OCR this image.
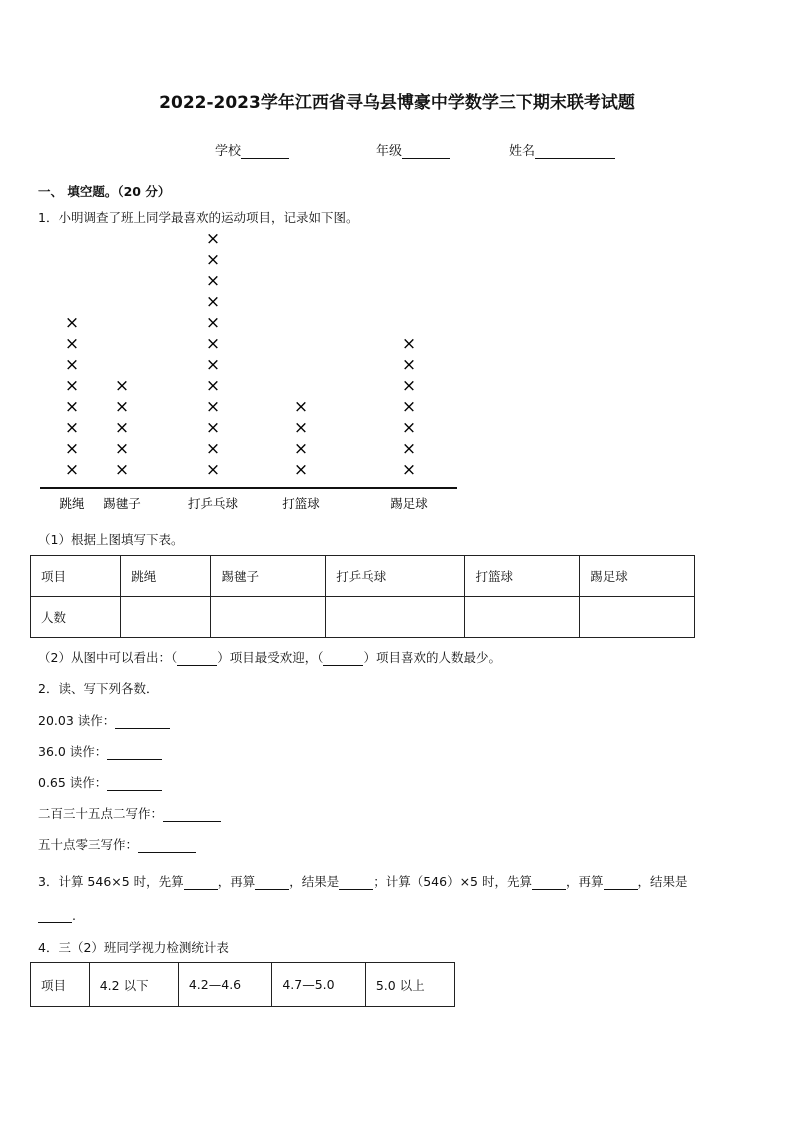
2022-2023学年江西省寻乌县博豪中学数学三下期末联考试题
学校	年级	姓名
一、 填空题。（20 分）
1．小明调查了班上同学最喜欢的运动项目，记录如下图。
×
×
×
×
×
×
×
×
跳绳
×
×
×
×
×
踢毽子
×
×
×
×
×
×
×
×
×
×
×
×
打乒乓球
×
×
×
×
打篮球
×
×
×
×
×
×
×
踢足球
（1）根据上图填写下表。
项目	跳绳	踢毽子	打乒乓球	打篮球	踢足球
人数					
（2）从图中可以看出：（	）项目最受欢迎，（	）项目喜欢的人数最少。
2．读、写下列各数．
20.03 读作：
36.0 读作：
0.65 读作：
二百三十五点二写作：
五十点零三写作：
3．计算 546×5 时，先算	，再算	，结果是	；计算（546）×5 时，先算	，再算	，结果是
.
4．三（2）班同学视力检测统计表
项目	4.2 以下	4.2—4.6	4.7—5.0	5.0 以上
